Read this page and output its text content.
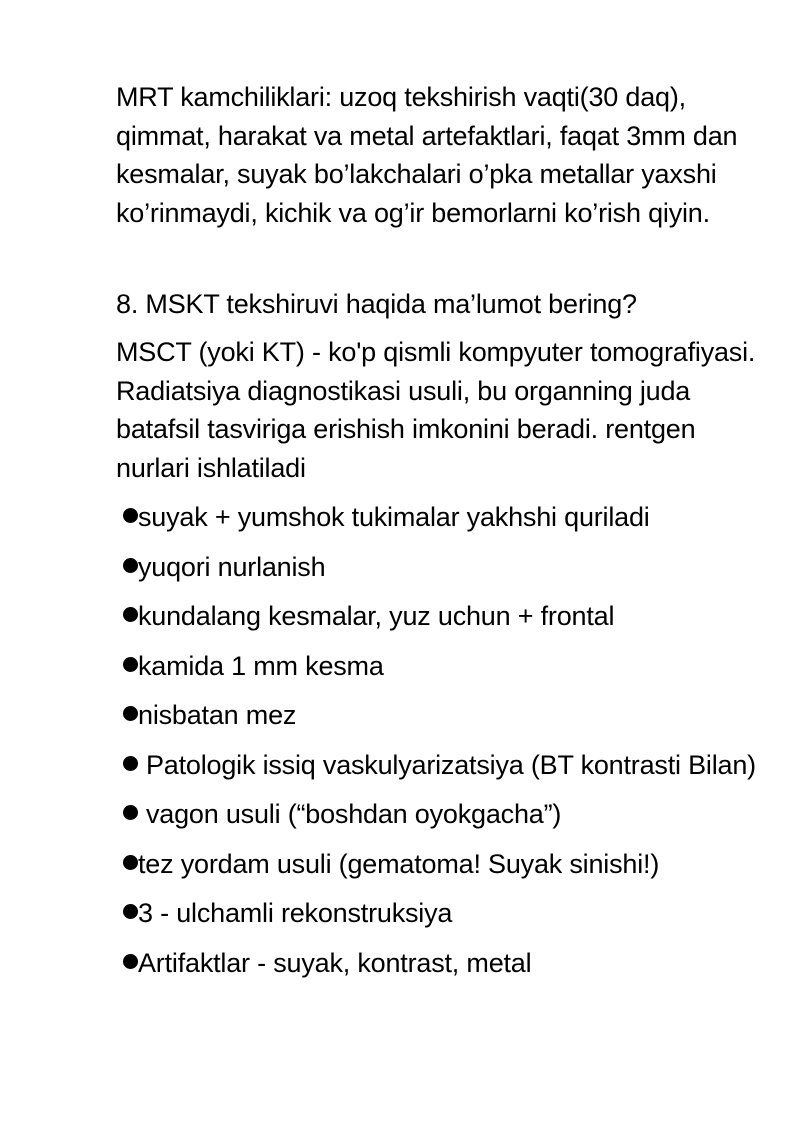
MRT kamchiliklari: uzoq tekshirish vaqti(30 daq), qimmat, harakat va metal artefaktlari, faqat 3mm dan kesmalar, suyak bo’lakchalari o’pka metallar yaxshi ko’rinmaydi, kichik va og’ir bemorlarni ko’rish qiyin.

8. MSKT tekshiruvi haqida ma’lumot bering?

MSCT (yoki KT) - ko'p qismli kompyuter tomografiyasi. Radiatsiya diagnostikasi usuli, bu organning juda batafsil tasviriga erishish imkonini beradi. rentgen nurlari ishlatiladi

suyak + yumshok tukimalar yakhshi quriladi
yuqori nurlanish
kundalang kesmalar, yuz uchun + frontal
kamida 1 mm kesma
nisbatan mez
Patologik issiq vaskulyarizatsiya (BT kontrasti Bilan)
vagon usuli (“boshdan oyokgacha”)
tez yordam usuli (gematoma! Suyak sinishi!)
3 - ulchamli rekonstruksiya
Artifaktlar - suyak, kontrast, metal
